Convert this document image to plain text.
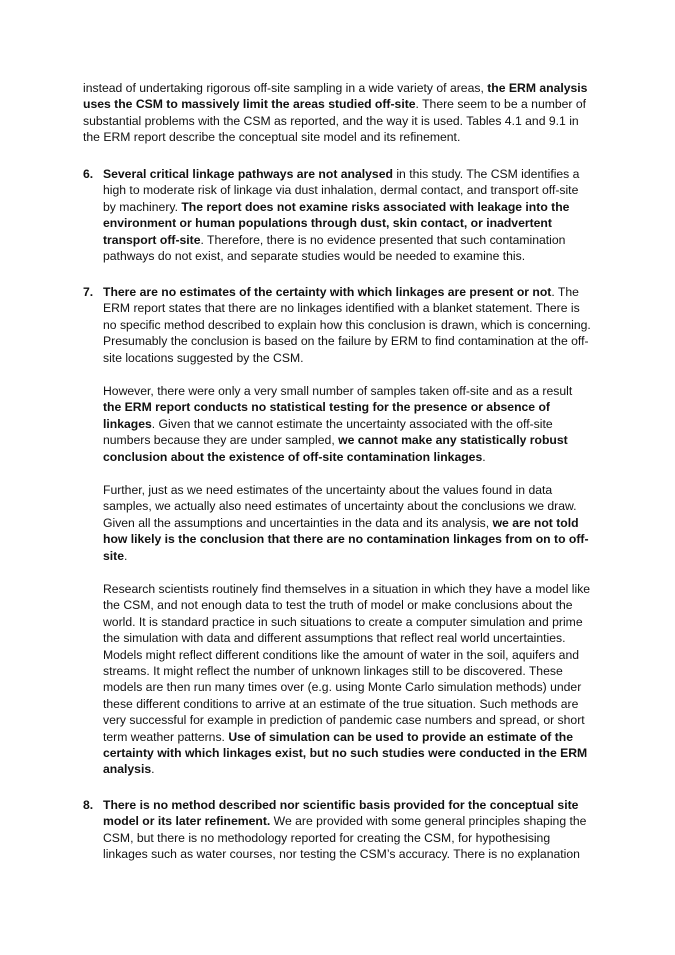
instead of undertaking rigorous off-site sampling in a wide variety of areas, the ERM analysis uses the CSM to massively limit the areas studied off-site. There seem to be a number of substantial problems with the CSM as reported, and the way it is used. Tables 4.1 and 9.1 in the ERM report describe the conceptual site model and its refinement.

6. Several critical linkage pathways are not analysed in this study. The CSM identifies a high to moderate risk of linkage via dust inhalation, dermal contact, and transport off-site by machinery. The report does not examine risks associated with leakage into the environment or human populations through dust, skin contact, or inadvertent transport off-site. Therefore, there is no evidence presented that such contamination pathways do not exist, and separate studies would be needed to examine this.

7. There are no estimates of the certainty with which linkages are present or not. The ERM report states that there are no linkages identified with a blanket statement. There is no specific method described to explain how this conclusion is drawn, which is concerning. Presumably the conclusion is based on the failure by ERM to find contamination at the off-site locations suggested by the CSM.

However, there were only a very small number of samples taken off-site and as a result the ERM report conducts no statistical testing for the presence or absence of linkages. Given that we cannot estimate the uncertainty associated with the off-site numbers because they are under sampled, we cannot make any statistically robust conclusion about the existence of off-site contamination linkages.

Further, just as we need estimates of the uncertainty about the values found in data samples, we actually also need estimates of uncertainty about the conclusions we draw. Given all the assumptions and uncertainties in the data and its analysis, we are not told how likely is the conclusion that there are no contamination linkages from on to off-site.

Research scientists routinely find themselves in a situation in which they have a model like the CSM, and not enough data to test the truth of model or make conclusions about the world. It is standard practice in such situations to create a computer simulation and prime the simulation with data and different assumptions that reflect real world uncertainties. Models might reflect different conditions like the amount of water in the soil, aquifers and streams. It might reflect the number of unknown linkages still to be discovered. These models are then run many times over (e.g. using Monte Carlo simulation methods) under these different conditions to arrive at an estimate of the true situation. Such methods are very successful for example in prediction of pandemic case numbers and spread, or short term weather patterns. Use of simulation can be used to provide an estimate of the certainty with which linkages exist, but no such studies were conducted in the ERM analysis.

8. There is no method described nor scientific basis provided for the conceptual site model or its later refinement. We are provided with some general principles shaping the CSM, but there is no methodology reported for creating the CSM, for hypothesising linkages such as water courses, nor testing the CSM’s accuracy. There is no explanation
